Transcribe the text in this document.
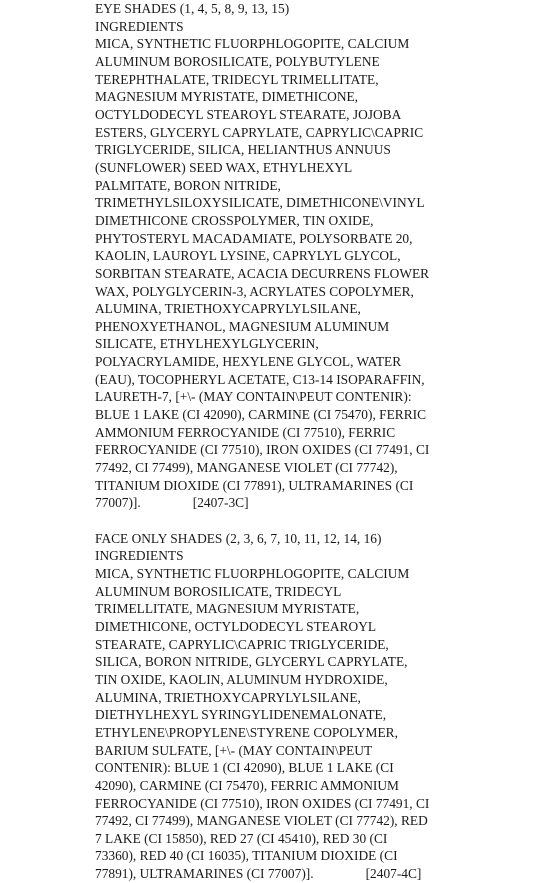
EYE SHADES (1, 4, 5, 8, 9, 13, 15)
INGREDIENTS
MICA, SYNTHETIC FLUORPHLOGOPITE, CALCIUM
ALUMINUM BOROSILICATE, POLYBUTYLENE
TEREPHTHALATE, TRIDECYL TRIMELLITATE,
MAGNESIUM MYRISTATE, DIMETHICONE,
OCTYLDODECYL STEAROYL STEARATE, JOJOBA
ESTERS, GLYCERYL CAPRYLATE, CAPRYLIC\CAPRIC
TRIGLYCERIDE, SILICA, HELIANTHUS ANNUUS
(SUNFLOWER) SEED WAX, ETHYLHEXYL
PALMITATE, BORON NITRIDE,
TRIMETHYLSILOXYSILICATE, DIMETHICONE\VINYL
DIMETHICONE CROSSPOLYMER, TIN OXIDE,
PHYTOSTERYL MACADAMIATE, POLYSORBATE 20,
KAOLIN, LAUROYL LYSINE, CAPRYLYL GLYCOL,
SORBITAN STEARATE, ACACIA DECURRENS FLOWER
WAX, POLYGLYCERIN-3, ACRYLATES COPOLYMER,
ALUMINA, TRIETHOXYCAPRYLYLSILANE,
PHENOXYETHANOL, MAGNESIUM ALUMINUM
SILICATE, ETHYLHEXYLGLYCERIN,
POLYACRYLAMIDE, HEXYLENE GLYCOL, WATER
(EAU), TOCOPHERYL ACETATE, C13-14 ISOPARAFFIN,
LAURETH-7, [+\- (MAY CONTAIN\PEUT CONTENIR):
BLUE 1 LAKE (CI 42090), CARMINE (CI 75470), FERRIC
AMMONIUM FERROCYANIDE (CI 77510), FERRIC
FERROCYANIDE (CI 77510), IRON OXIDES (CI 77491, CI
77492, CI 77499), MANGANESE VIOLET (CI 77742),
TITANIUM DIOXIDE (CI 77891), ULTRAMARINES (CI
77007)].	[2407-3C]
FACE ONLY SHADES (2, 3, 6, 7, 10, 11, 12, 14, 16)
INGREDIENTS
MICA, SYNTHETIC FLUORPHLOGOPITE, CALCIUM
ALUMINUM BOROSILICATE, TRIDECYL
TRIMELLITATE, MAGNESIUM MYRISTATE,
DIMETHICONE, OCTYLDODECYL STEAROYL
STEARATE, CAPRYLIC\CAPRIC TRIGLYCERIDE,
SILICA, BORON NITRIDE, GLYCERYL CAPRYLATE,
TIN OXIDE, KAOLIN, ALUMINUM HYDROXIDE,
ALUMINA, TRIETHOXYCAPRYLYLSILANE,
DIETHYLHEXYL SYRINGYLIDENEMALONATE,
ETHYLENE\PROPYLENE\STYRENE COPOLYMER,
BARIUM SULFATE, [+\- (MAY CONTAIN\PEUT
CONTENIR): BLUE 1 (CI 42090), BLUE 1 LAKE (CI
42090), CARMINE (CI 75470), FERRIC AMMONIUM
FERROCYANIDE (CI 77510), IRON OXIDES (CI 77491, CI
77492, CI 77499), MANGANESE VIOLET (CI 77742), RED
7 LAKE (CI 15850), RED 27 (CI 45410), RED 30 (CI
73360), RED 40 (CI 16035), TITANIUM DIOXIDE (CI
77891), ULTRAMARINES (CI 77007)].	[2407-4C]
